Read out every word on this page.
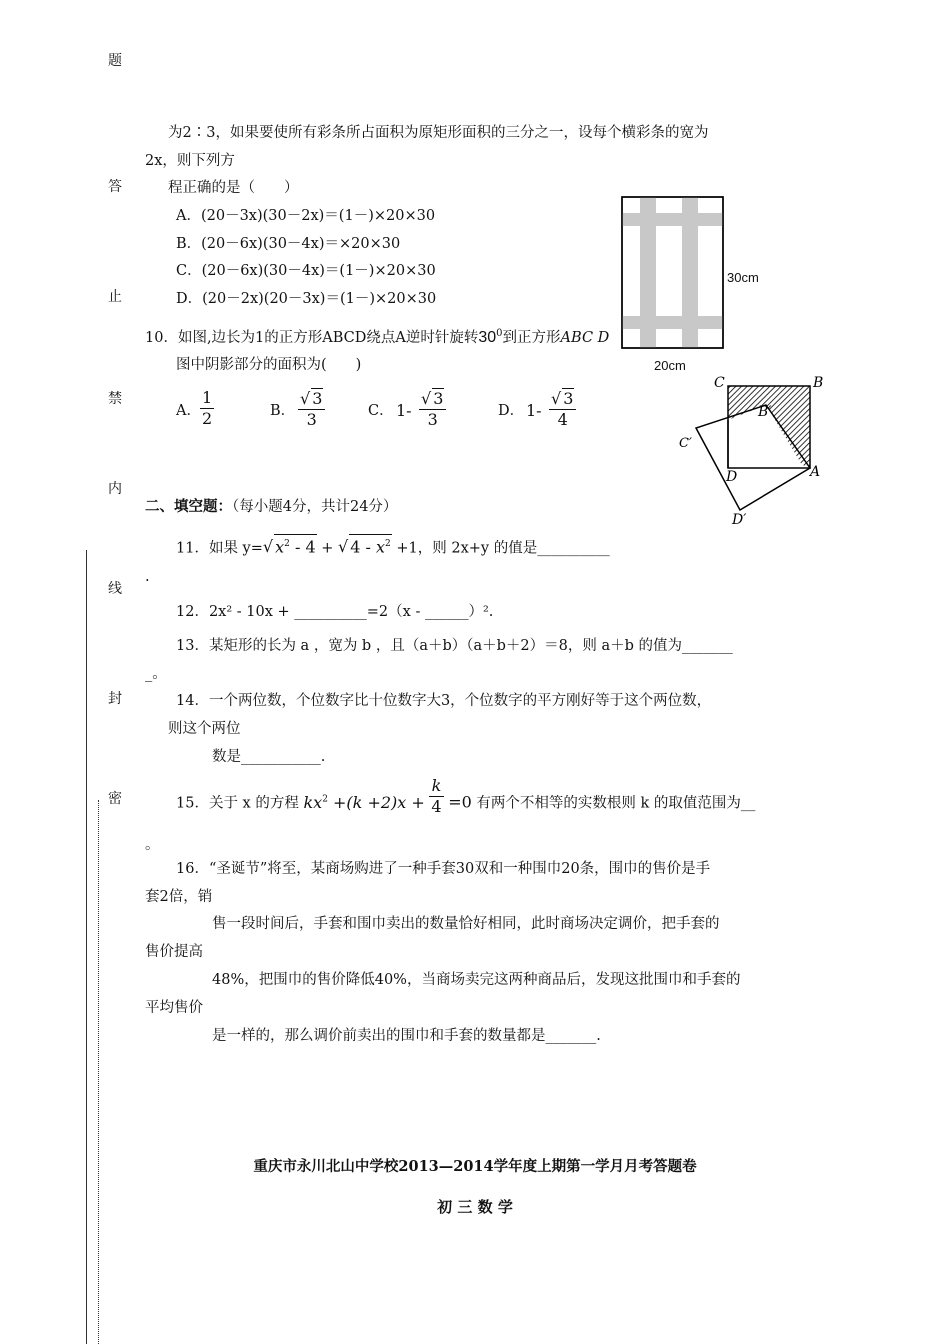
题
答
止
禁
内
线
封
密
为2∶3，如果要使所有彩条所占面积为原矩形面积的三分之一，设每个横彩条的宽为
2x，则下列方
程正确的是（　　）
A．(20－3x)(30－2x)＝(1－)×20×30
B．(20－6x)(30－4x)＝×20×30
C．(20－6x)(30－4x)＝(1－)×20×30
D．(20－2x)(20－3x)＝(1－)×20×30
30cm
20cm
10．如图,边长为1的正方形ABCD绕点A逆时针旋转$30^0$到正方形ABC D
图中阴影部分的面积为(　　)
A． $\frac{1}{2}$	B． $\frac{√ 3}{3}$	C． $1- \frac{√ 3}{3}$	D． $1- \frac{√ 3}{4}$
C	B
B′
C′
D	A
D′
二、填空题：（每小题4分，共计24分）
11．如果 y=√ $x^2 - 4$ + √ $4 - x^2 +1$，则 2x+y 的值是__________
.
12．2x² - 10x + __________=2（x - ______）².
13．某矩形的长为 a ，宽为 b ，且（a＋b）（a＋b＋2）＝8，则 a＋b 的值为_______
_。
14．一个两位数，个位数字比十位数字大3，个位数字的平方刚好等于这个两位数，
则这个两位
数是___________.
15．关于 x 的方程 $kx^2 +(k +2)x + \frac{k}{4} =0$ 有两个不相等的实数根则 k 的取值范围为__
。
16．“圣诞节”将至，某商场购进了一种手套30双和一种围巾20条，围巾的售价是手
套2倍，销
售一段时间后，手套和围巾卖出的数量恰好相同，此时商场决定调价，把手套的
售价提高
48%，把围巾的售价降低40%，当商场卖完这两种商品后，发现这批围巾和手套的
平均售价
是一样的，那么调价前卖出的围巾和手套的数量都是_______.
重庆市永川北山中学校2013—2014学年度上期第一学月月考答题卷
初 三 数 学
